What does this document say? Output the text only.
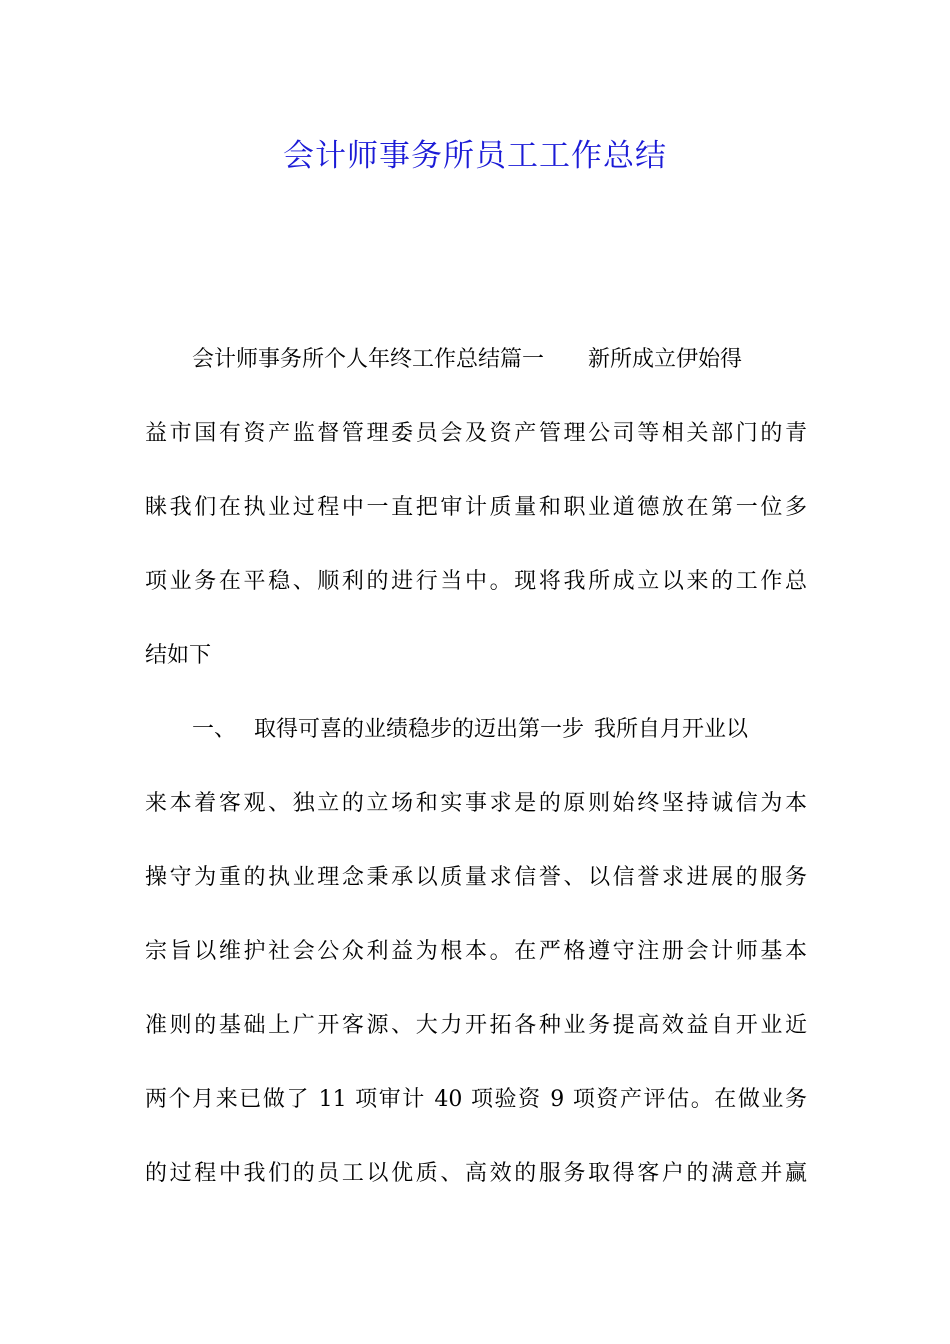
会计师事务所员工工作总结
会计师事务所个人年终工作总结篇一 新所成立伊始得
益市国有资产监督管理委员会及资产管理公司等相关部门的青
睐我们在执业过程中一直把审计质量和职业道德放在第一位多
项业务在平稳、顺利的进行当中。现将我所成立以来的工作总
结如下
一、 取得可喜的业绩稳步的迈出第一步 我所自月开业以
来本着客观、独立的立场和实事求是的原则始终坚持诚信为本
操守为重的执业理念秉承以质量求信誉、以信誉求进展的服务
宗旨以维护社会公众利益为根本。在严格遵守注册会计师基本
准则的基础上广开客源、大力开拓各种业务提高效益自开业近
两个月来已做了 11 项审计 40 项验资 9 项资产评估。在做业务
的过程中我们的员工以优质、高效的服务取得客户的满意并赢
